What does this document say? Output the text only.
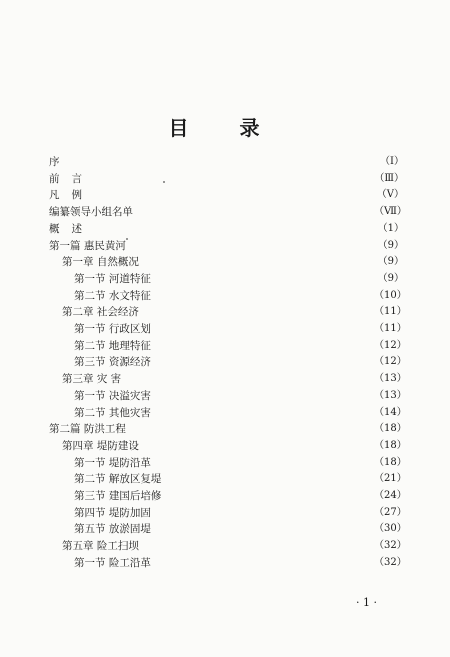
目 录
序	（Ⅰ）
前言	（Ⅲ）
凡例	（Ⅴ）
编纂领导小组名单	（Ⅶ）
概述	（1）
第一篇 惠民黄河	（9）
第一章 自然概况	（9）
第一节 河道特征	（9）
第二节 水文特征	（10）
第二章 社会经济	（11）
第一节 行政区划	（11）
第二节 地理特征	（12）
第三节 资源经济	（12）
第三章 灾 害	（13）
第一节 决溢灾害	（13）
第二节 其他灾害	（14）
第二篇 防洪工程	（18）
第四章 堤防建设	（18）
第一节 堤防沿革	（18）
第二节 解放区复堤	（21）
第三节 建国后培修	（24）
第四节 堤防加固	（27）
第五节 放淤固堤	（30）
第五章 险工扫坝	（32）
第一节 险工沿革	（32）
· 1 ·
